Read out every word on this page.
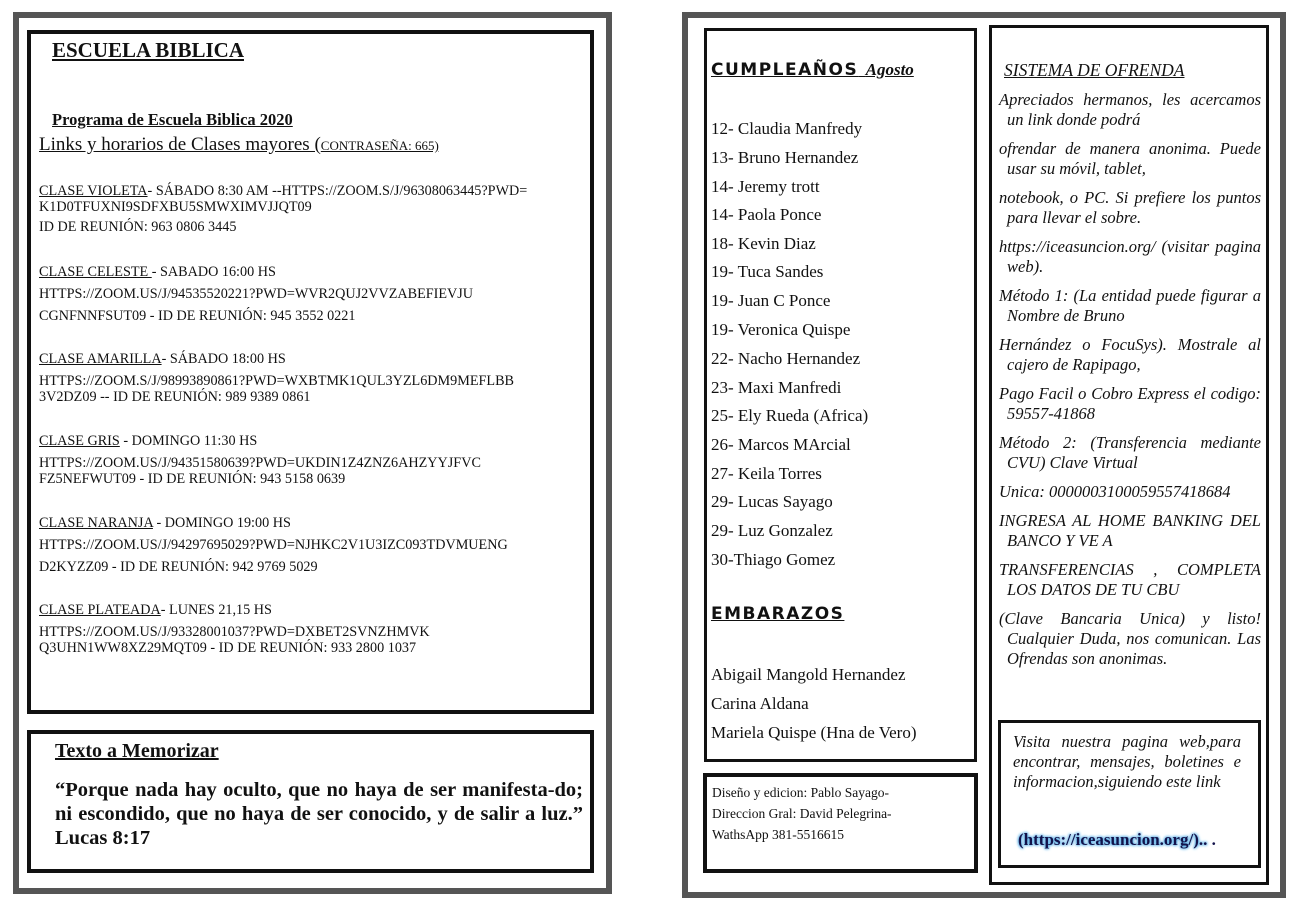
ESCUELA BIBLICA
Programa de Escuela Biblica 2020
Links y horarios de Clases mayores (CONTRASEÑA: 665)
CLASE VIOLETA- SÁBADO 8:30 AM --HTTPS://ZOOM.S/J/96308063445?PWD=
K1D0TFUXNI9SDFXBU5SMWXIMVJJQT09
ID DE REUNIÓN: 963 0806 3445
CLASE CELESTE - SABADO 16:00 HS
HTTPS://ZOOM.US/J/94535520221?PWD=WVR2QUJ2VVZABEFIEVJU
CGNFNNFSUT09 - ID DE REUNIÓN: 945 3552 0221
CLASE AMARILLA- SÁBADO 18:00 HS
HTTPS://ZOOM.S/J/98993890861?PWD=WXBTMK1QUL3YZL6DM9MEFLBB
3V2DZ09 -- ID DE REUNIÓN: 989 9389 0861
CLASE GRIS - DOMINGO 11:30 HS
HTTPS://ZOOM.US/J/94351580639?PWD=UKDIN1Z4ZNZ6AHZYYJFVC
FZ5NEFWUT09 - ID DE REUNIÓN: 943 5158 0639
CLASE NARANJA - DOMINGO 19:00 HS
HTTPS://ZOOM.US/J/94297695029?PWD=NJHKC2V1U3IZC093TDVMUENG
D2KYZZ09 - ID DE REUNIÓN: 942 9769 5029
CLASE PLATEADA- LUNES 21,15 HS
HTTPS://ZOOM.US/J/93328001037?PWD=DXBET2SVNZHMVK
Q3UHN1WW8XZ29MQT09 - ID DE REUNIÓN: 933 2800 1037
Texto a Memorizar
“Porque nada hay oculto, que no haya de ser manifesta-do; ni escondido, que no haya de ser conocido, y de salir a luz.” Lucas 8:17
CUMPLEAÑOS Agosto
12- Claudia Manfredy
13- Bruno Hernandez
14- Jeremy trott
14- Paola Ponce
18- Kevin Diaz
19- Tuca Sandes
19- Juan C Ponce
19- Veronica Quispe
22- Nacho Hernandez
23- Maxi Manfredi
25- Ely Rueda (Africa)
26- Marcos MArcial
27- Keila Torres
29- Lucas Sayago
29- Luz Gonzalez
30-Thiago Gomez
EMBARAZOS
Abigail Mangold Hernandez
Carina Aldana
Mariela Quispe (Hna de Vero)
Diseño y edicion: Pablo Sayago-
Direccion Gral: David Pelegrina-
WathsApp 381-5516615
SISTEMA DE OFRENDA

Apreciados hermanos, les acercamos un link donde podrá

ofrendar de manera anonima. Puede usar su móvil, tablet,

notebook, o PC. Si prefiere los puntos para llevar el sobre.

https://iceasuncion.org/ (visitar pagina web).

Método 1: (La entidad puede figurar a Nombre de Bruno

Hernández o FocuSys). Mostrale al cajero de Rapipago,

Pago Facil o Cobro Express el codigo: 59557-41868

Método 2: (Transferencia mediante CVU) Clave Virtual

Unica: 0000003100059557418684

INGRESA AL HOME BANKING DEL BANCO Y VE A

TRANSFERENCIAS , COMPLETA LOS DATOS DE TU CBU

(Clave Bancaria Unica) y listo! Cualquier Duda, nos comunican. Las Ofrendas son anonimas.

Visita nuestra pagina web,para encontrar, mensajes, boletines e informacion,siguiendo este link
(https://iceasuncion.org/).. .
